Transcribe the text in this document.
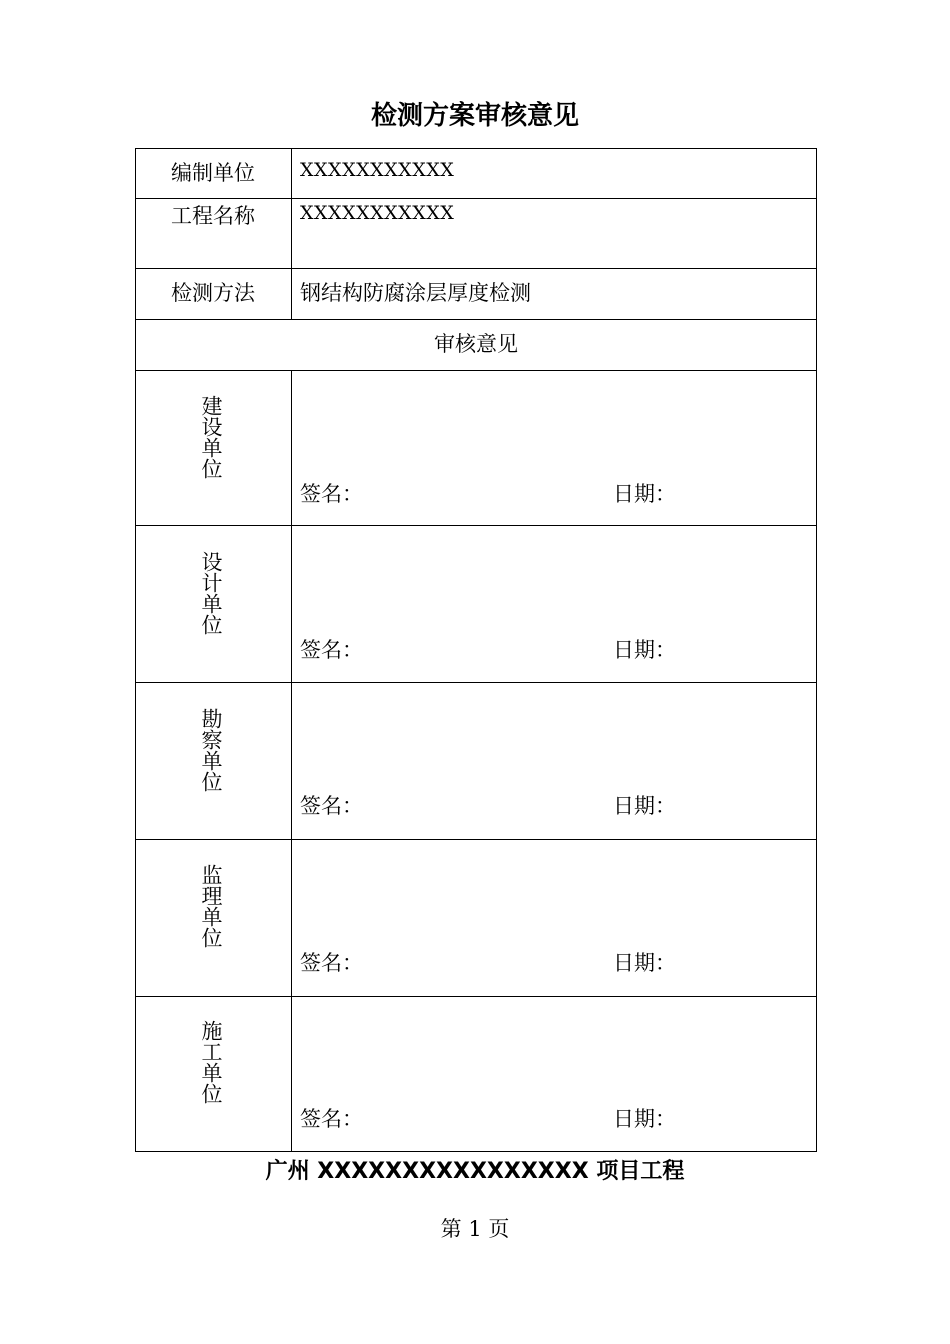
检测方案审核意见
编制单位	XXXXXXXXXXX
工程名称	XXXXXXXXXXX
检测方法	钢结构防腐涂层厚度检测
审核意见
建设单位
签名：	日期：
设计单位
签名：	日期：
勘察单位
签名：	日期：
监理单位
签名：	日期：
施工单位
签名：	日期：
广州 XXXXXXXXXXXXXXXX 项目工程
第 1 页
